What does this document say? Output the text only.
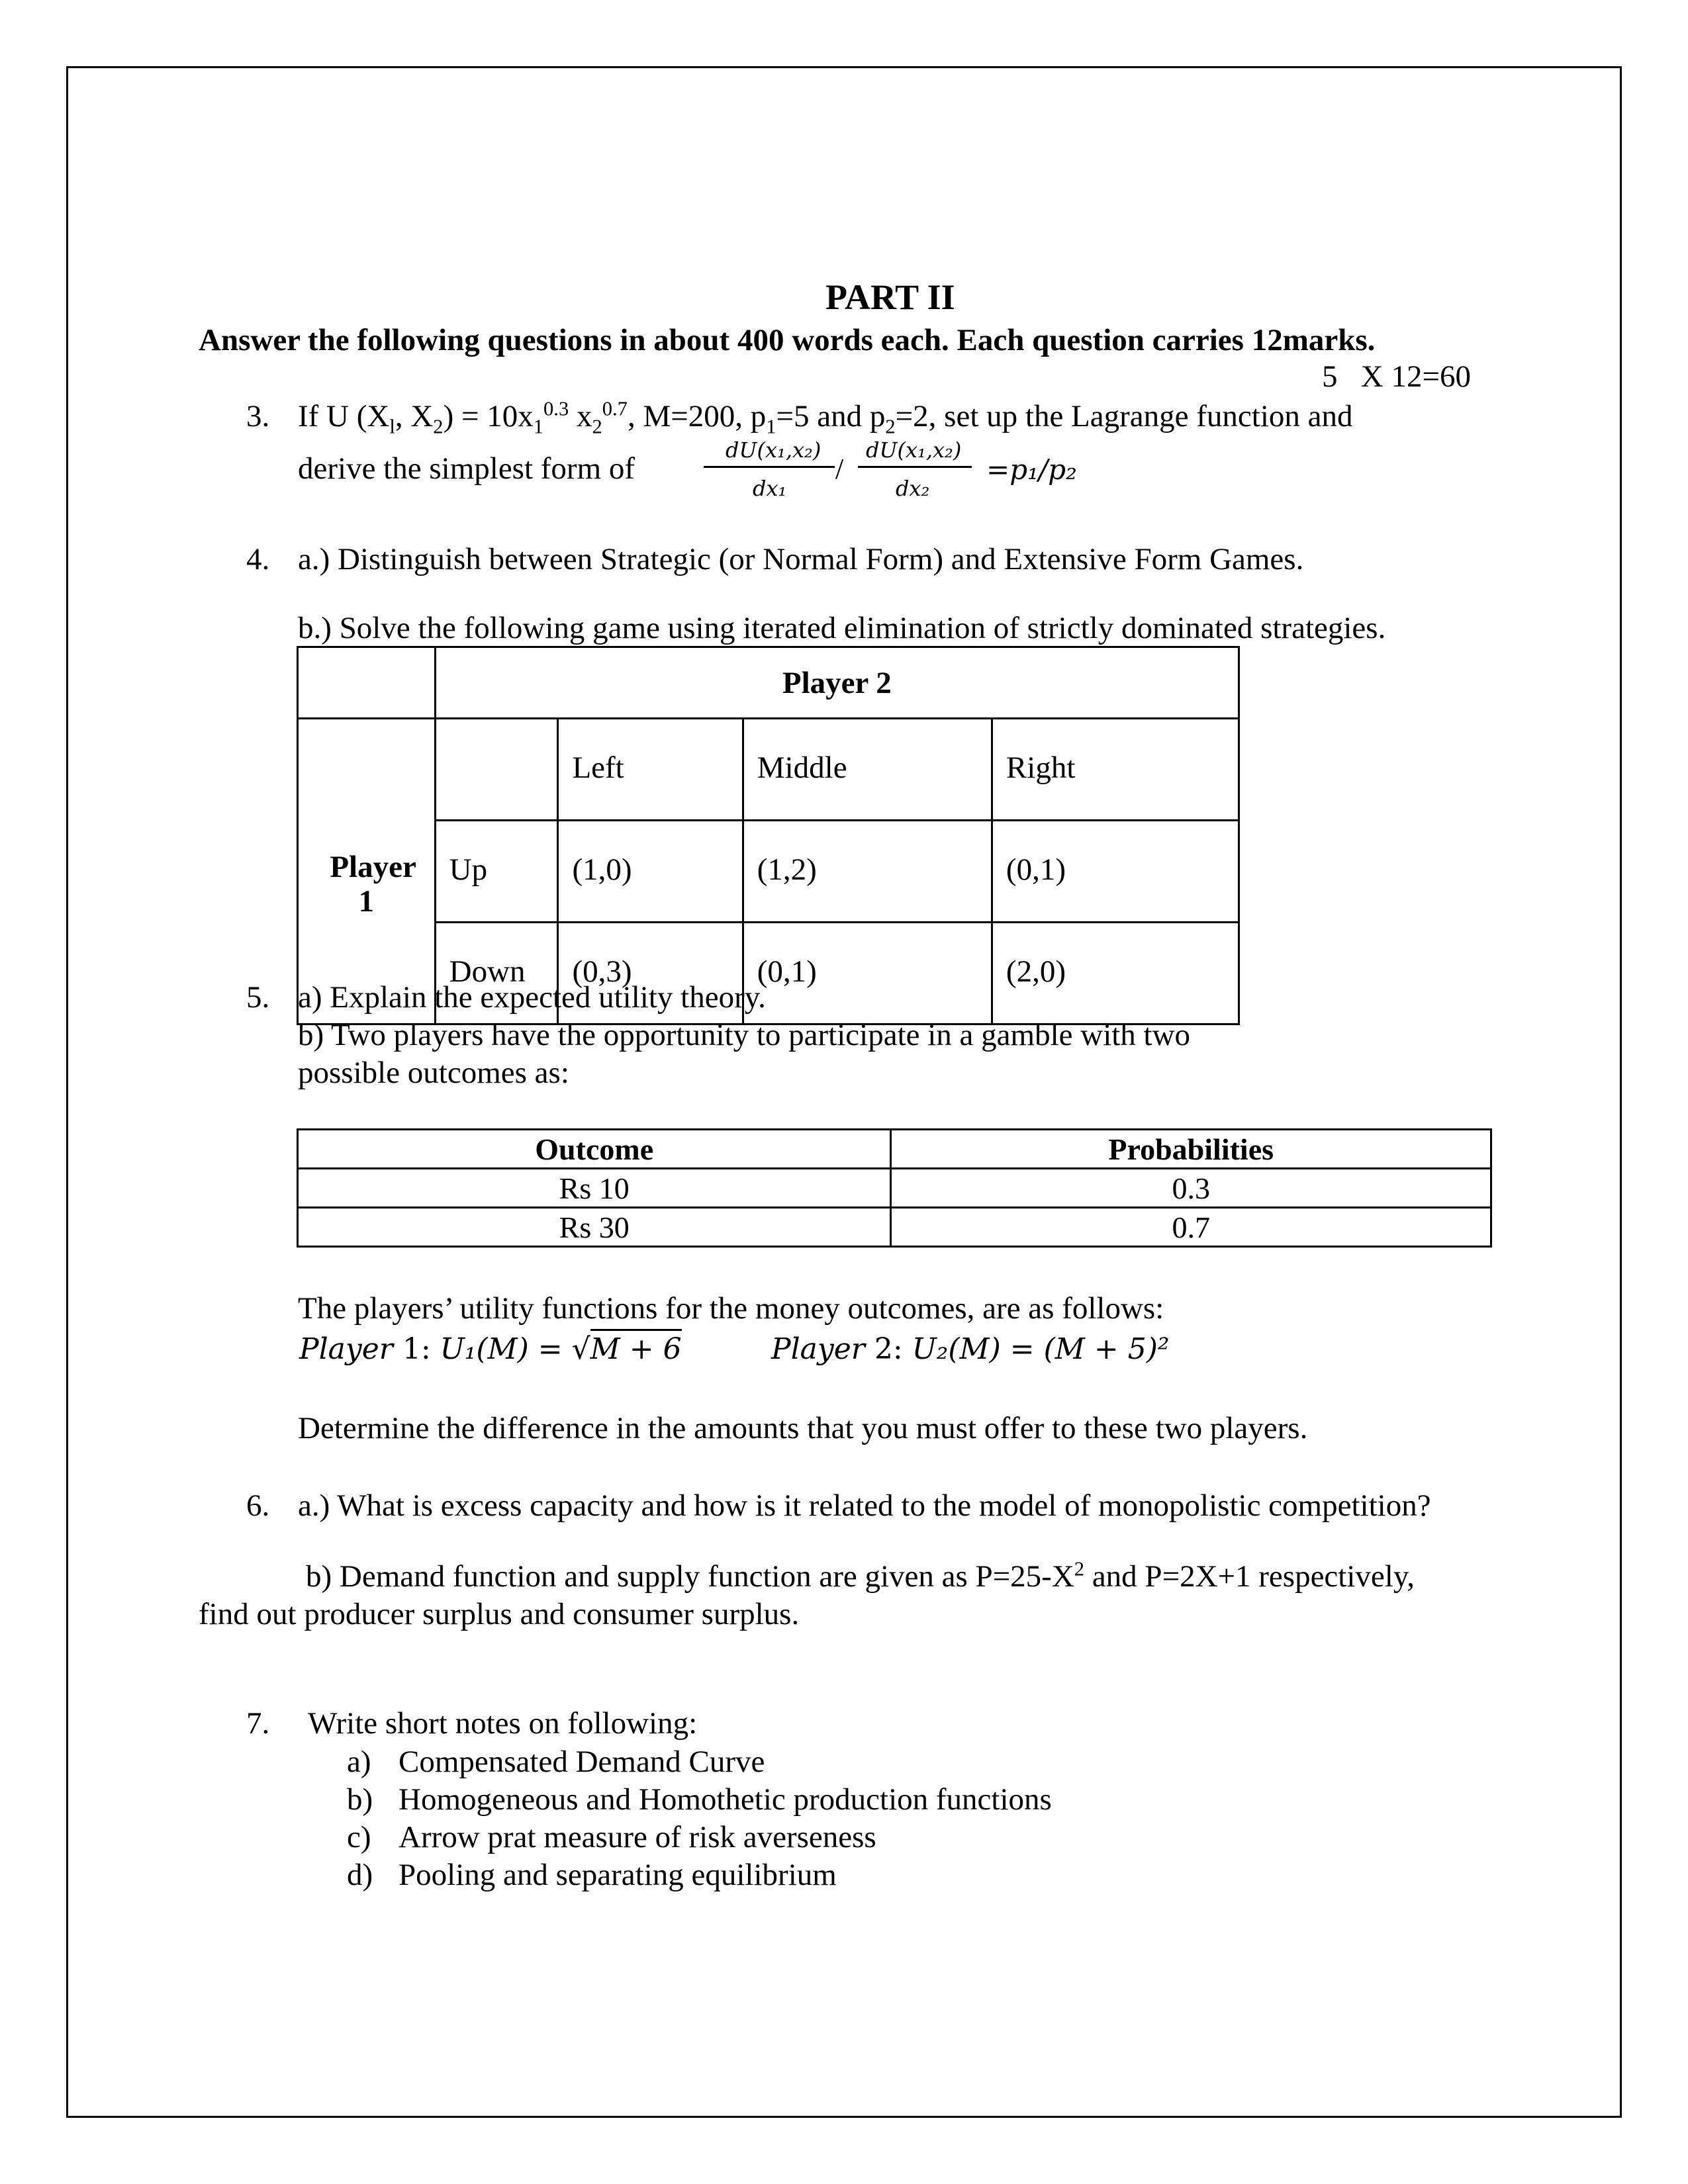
PART II
Answer the following questions in about 400 words each. Each question carries 12marks.
5   X 12=60
3. If U ($X_l$, $X_2) = 10x_1^{0.3}$ $x_2^{0.7}$, M=200, $p_1=5$ and $p_2=2$, set up the Lagrange function and
derive the simplest form of
dU(x₁,x₂)
dx₁
/
dU(x₁,x₂)
dx₂
=p₁/p₂
4. a.) Distinguish between Strategic (or Normal Form) and Extensive Form Games.
b.) Solve the following game using iterated elimination of strictly dominated strategies.
	Player 2			

Player 1		Left	Middle	Right
	Up	(1,0)	(1,2)	(0,1)
	Down	(0,3)	(0,1)	(2,0)
5. a) Explain the expected utility theory.
b) Two players have the opportunity to participate in a gamble with two
possible outcomes as:
Outcome	Probabilities
Rs 10	0.3
Rs 30	0.7
The players’ utility functions for the money outcomes, are as follows:
Player 1: U₁(M) = √M + 6	Player 2: U₂(M) = (M + 5)²
Determine the difference in the amounts that you must offer to these two players.
6. a.) What is excess capacity and how is it related to the model of monopolistic competition?
b) Demand function and supply function are given as $P=25-X^2$ and P=2X+1 respectively,
find out producer surplus and consumer surplus.
7. Write short notes on following:
a) Compensated Demand Curve
b) Homogeneous and Homothetic production functions
c) Arrow prat measure of risk averseness
d) Pooling and separating equilibrium
